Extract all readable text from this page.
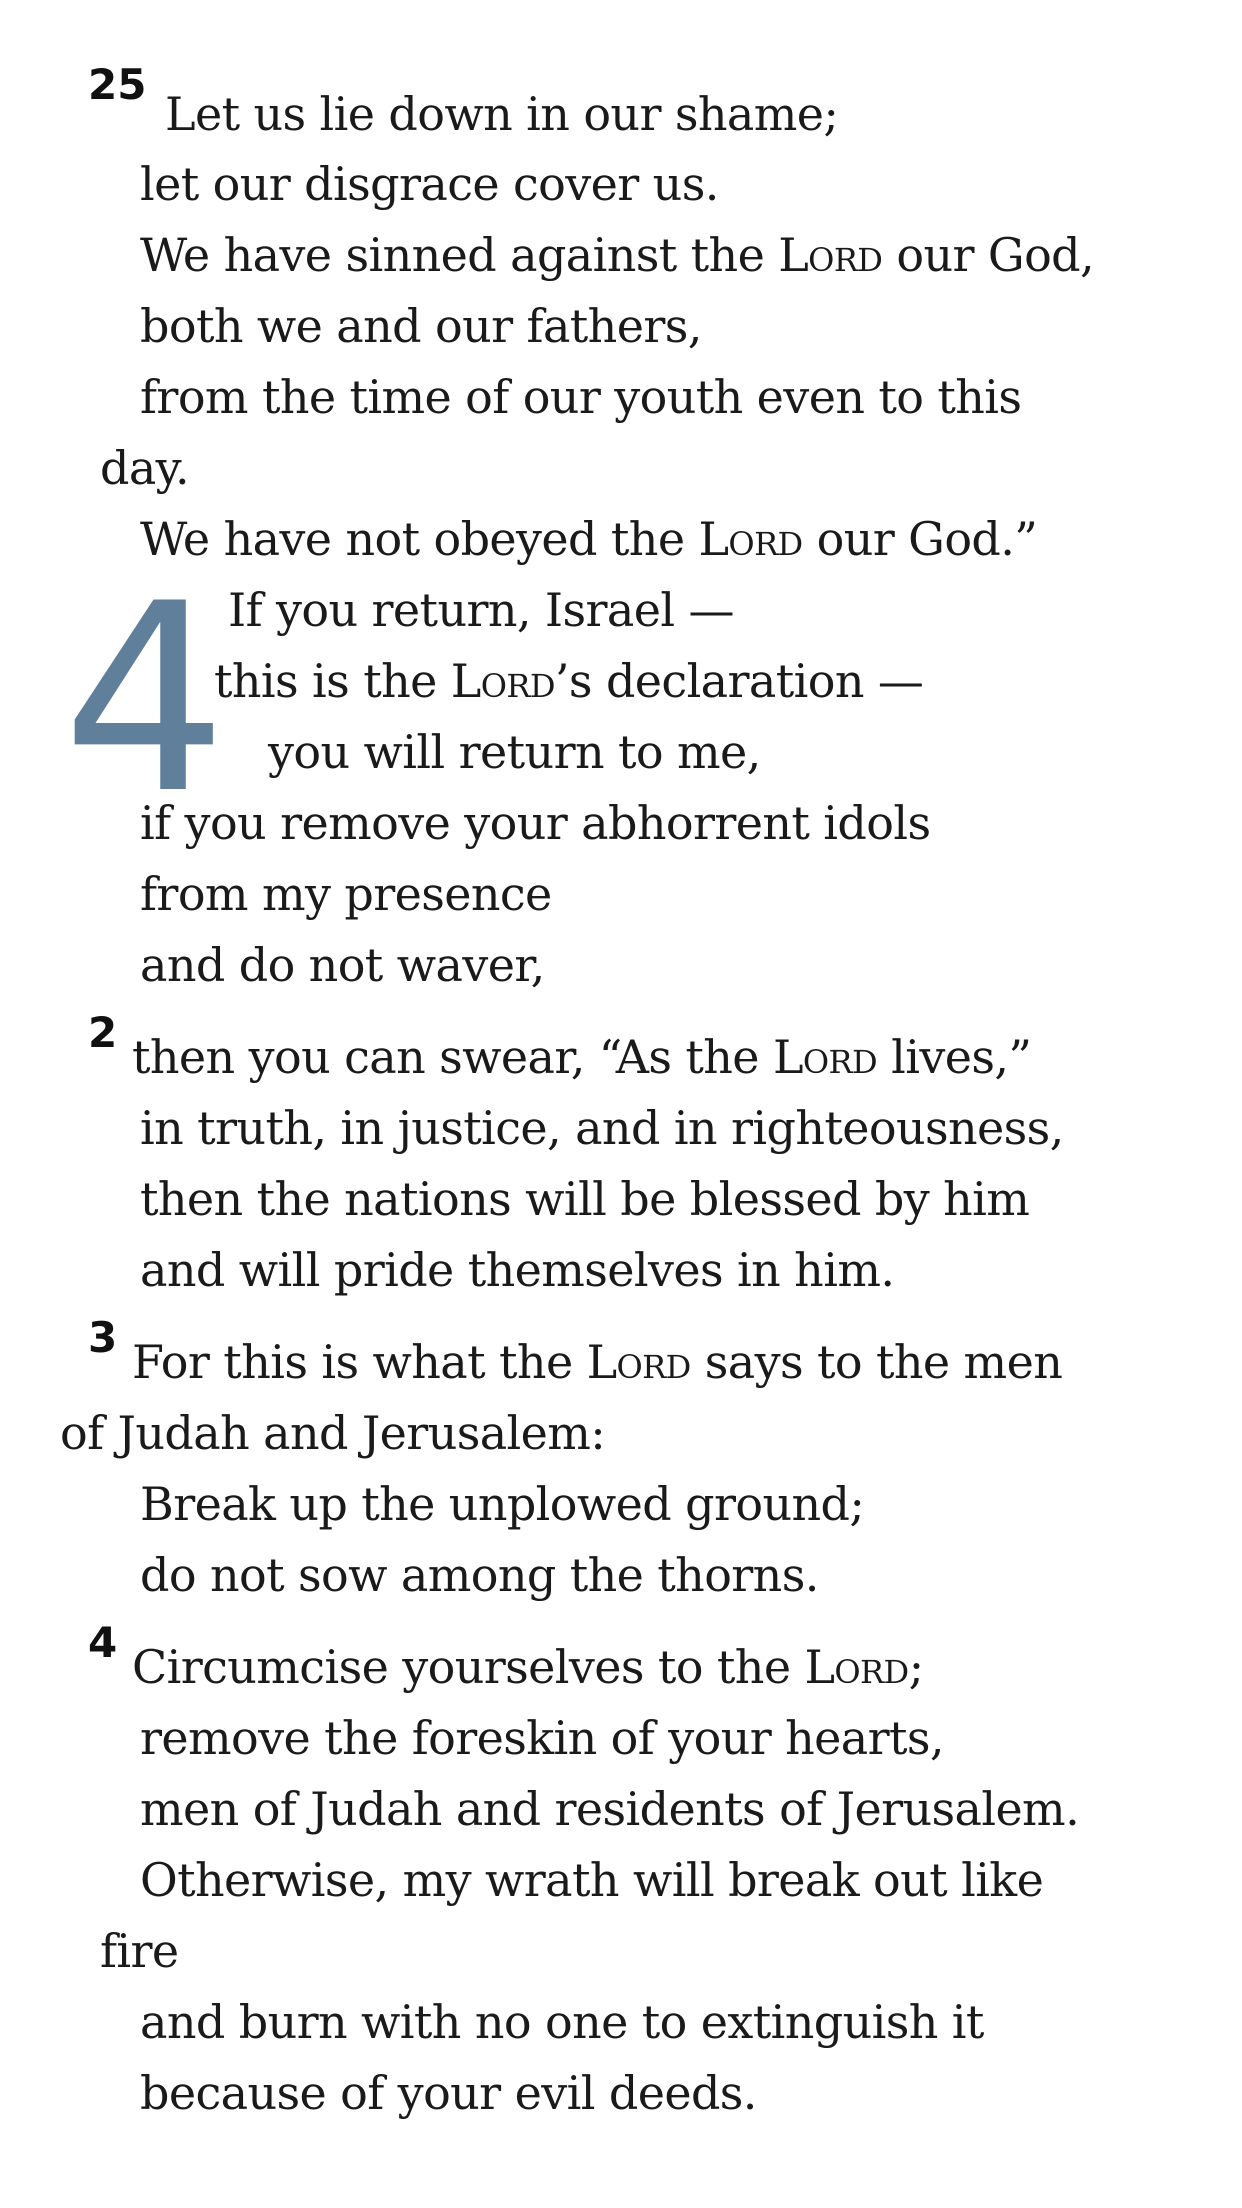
25
Let us lie down in our shame;
let our disgrace cover us.
We have sinned against the Lord our God,
both we and our fathers,
from the time of our youth even to this
day.
We have not obeyed the Lord our God.”
4 If you return, Israel —
this is the Lord’s declaration —
you will return to me,
if you remove your abhorrent idols
from my presence
and do not waver,
2 then you can swear, “As the Lord lives,”
in truth, in justice, and in righteousness,
then the nations will be blessed by him
and will pride themselves in him.
3 For this is what the Lord says to the men
of Judah and Jerusalem:
Break up the unplowed ground;
do not sow among the thorns.
4 Circumcise yourselves to the Lord;
remove the foreskin of your hearts,
men of Judah and residents of Jerusalem.
Otherwise, my wrath will break out like
fire
and burn with no one to extinguish it
because of your evil deeds.
